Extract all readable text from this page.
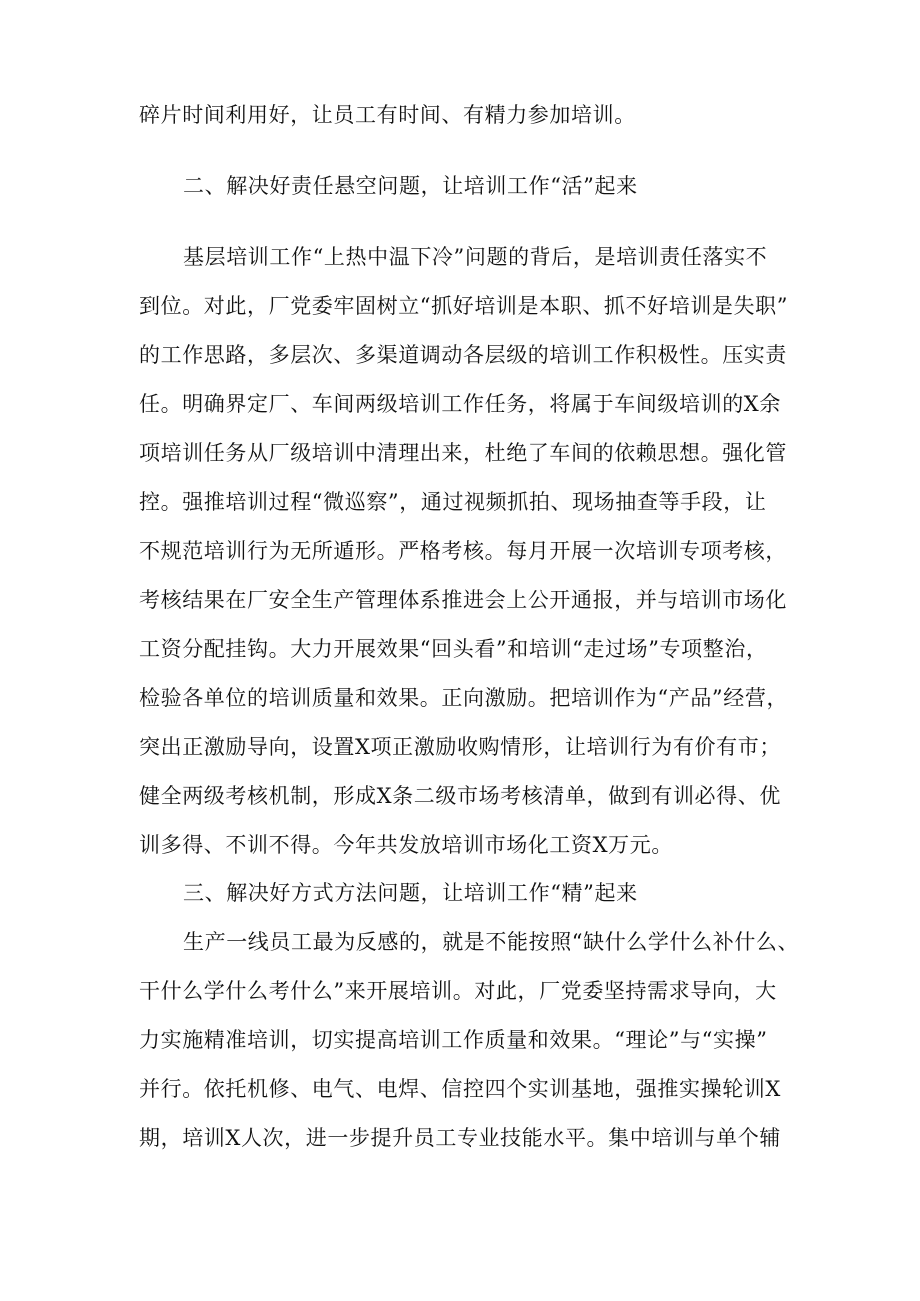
碎片时间利用好，让员工有时间、有精力参加培训。
二、解决好责任悬空问题，让培训工作“活”起来
基层培训工作“上热中温下冷”问题的背后，是培训责任落实不
到位。对此，厂党委牢固树立“抓好培训是本职、抓不好培训是失职”
的工作思路，多层次、多渠道调动各层级的培训工作积极性。压实责
任。明确界定厂、车间两级培训工作任务，将属于车间级培训的X余
项培训任务从厂级培训中清理出来，杜绝了车间的依赖思想。强化管
控。强推培训过程“微巡察”，通过视频抓拍、现场抽查等手段，让
不规范培训行为无所遁形。严格考核。每月开展一次培训专项考核，
考核结果在厂安全生产管理体系推进会上公开通报，并与培训市场化
工资分配挂钩。大力开展效果“回头看”和培训“走过场”专项整治，
检验各单位的培训质量和效果。正向激励。把培训作为“产品”经营，
突出正激励导向，设置X项正激励收购情形，让培训行为有价有市；
健全两级考核机制，形成X条二级市场考核清单，做到有训必得、优
训多得、不训不得。今年共发放培训市场化工资X万元。
三、解决好方式方法问题，让培训工作“精”起来
生产一线员工最为反感的，就是不能按照“缺什么学什么补什么、
干什么学什么考什么”来开展培训。对此，厂党委坚持需求导向，大
力实施精准培训，切实提高培训工作质量和效果。“理论”与“实操”
并行。依托机修、电气、电焊、信控四个实训基地，强推实操轮训X
期，培训X人次，进一步提升员工专业技能水平。集中培训与单个辅
